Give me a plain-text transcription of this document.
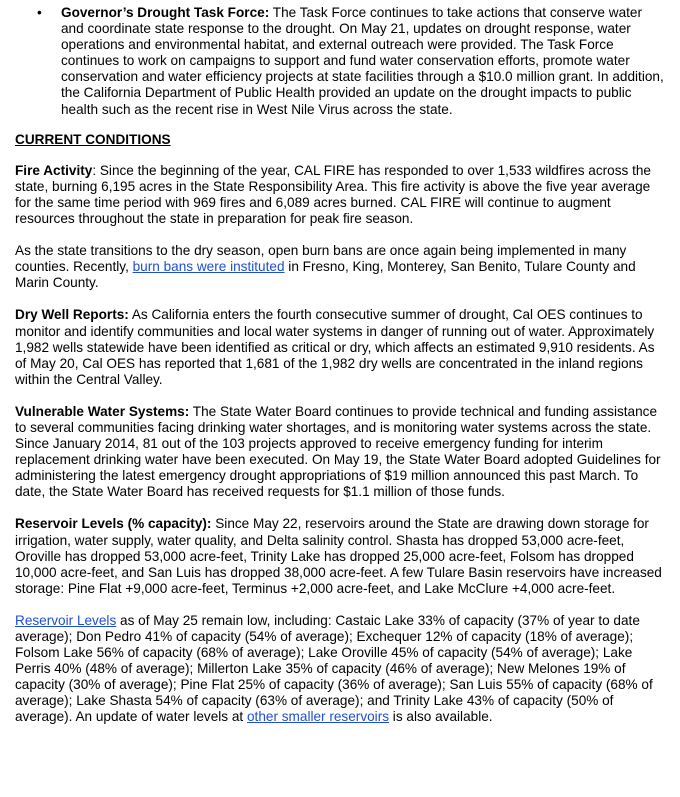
• Governor’s Drought Task Force: The Task Force continues to take actions that conserve water and coordinate state response to the drought. On May 21, updates on drought response, water operations and environmental habitat, and external outreach were provided. The Task Force continues to work on campaigns to support and fund water conservation efforts, promote water conservation and water efficiency projects at state facilities through a $10.0 million grant. In addition, the California Department of Public Health provided an update on the drought impacts to public health such as the recent rise in West Nile Virus across the state.
CURRENT CONDITIONS

Fire Activity: Since the beginning of the year, CAL FIRE has responded to over 1,533 wildfires across the state, burning 6,195 acres in the State Responsibility Area. This fire activity is above the five year average for the same time period with 969 fires and 6,089 acres burned. CAL FIRE will continue to augment resources throughout the state in preparation for peak fire season.

As the state transitions to the dry season, open burn bans are once again being implemented in many counties. Recently, burn bans were instituted in Fresno, King, Monterey, San Benito, Tulare County and Marin County.

Dry Well Reports: As California enters the fourth consecutive summer of drought, Cal OES continues to monitor and identify communities and local water systems in danger of running out of water. Approximately 1,982 wells statewide have been identified as critical or dry, which affects an estimated 9,910 residents. As of May 20, Cal OES has reported that 1,681 of the 1,982 dry wells are concentrated in the inland regions within the Central Valley.

Vulnerable Water Systems: The State Water Board continues to provide technical and funding assistance to several communities facing drinking water shortages, and is monitoring water systems across the state. Since January 2014, 81 out of the 103 projects approved to receive emergency funding for interim replacement drinking water have been executed. On May 19, the State Water Board adopted Guidelines for administering the latest emergency drought appropriations of $19 million announced this past March. To date, the State Water Board has received requests for $1.1 million of those funds.

Reservoir Levels (% capacity): Since May 22, reservoirs around the State are drawing down storage for irrigation, water supply, water quality, and Delta salinity control. Shasta has dropped 53,000 acre-feet, Oroville has dropped 53,000 acre-feet, Trinity Lake has dropped 25,000 acre-feet, Folsom has dropped 10,000 acre-feet, and San Luis has dropped 38,000 acre-feet. A few Tulare Basin reservoirs have increased storage: Pine Flat +9,000 acre-feet, Terminus +2,000 acre-feet, and Lake McClure +4,000 acre-feet.

Reservoir Levels as of May 25 remain low, including: Castaic Lake 33% of capacity (37% of year to date average); Don Pedro 41% of capacity (54% of average); Exchequer 12% of capacity (18% of average); Folsom Lake 56% of capacity (68% of average); Lake Oroville 45% of capacity (54% of average); Lake Perris 40% (48% of average); Millerton Lake 35% of capacity (46% of average); New Melones 19% of capacity (30% of average); Pine Flat 25% of capacity (36% of average); San Luis 55% of capacity (68% of average); Lake Shasta 54% of capacity (63% of average); and Trinity Lake 43% of capacity (50% of average). An update of water levels at other smaller reservoirs is also available.
